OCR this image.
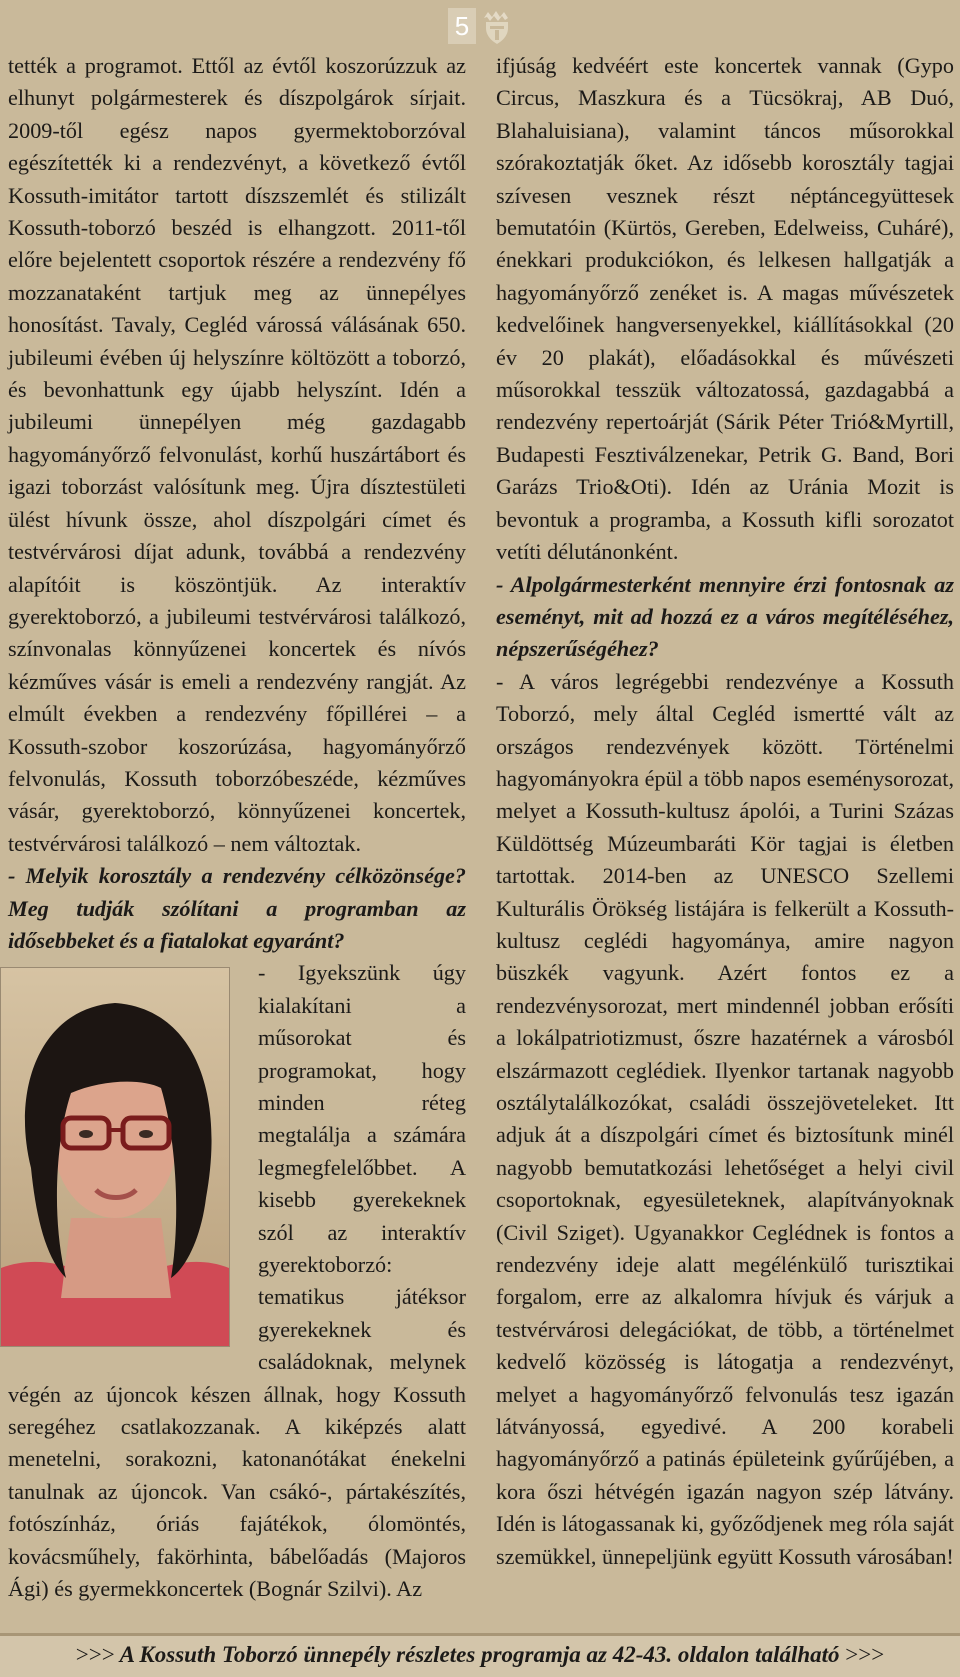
5

tették a programot. Ettől az évtől koszorúzzuk az elhunyt polgármesterek és díszpolgárok sírjait. 2009-től egész napos gyermektoborzóval egészítették ki a rendezvényt, a következő évtől Kossuth-imitátor tartott díszszemlét és stilizált Kossuth-toborzó beszéd is elhangzott. 2011-től előre bejelentett csoportok részére a rendezvény fő mozzanataként tartjuk meg az ünnepélyes honosítást. Tavaly, Cegléd várossá válásának 650. jubileumi évében új helyszínre költözött a toborzó, és bevonhattunk egy újabb helyszínt. Idén a jubileumi ünnepélyen még gazdagabb hagyományőrző felvonulást, korhű huszártábort és igazi toborzást valósítunk meg. Újra dísztestületi ülést hívunk össze, ahol díszpolgári címet és testvérvárosi díjat adunk, továbbá a rendezvény alapítóit is köszöntjük. Az interaktív gyerektoborzó, a jubileumi testvérvárosi találkozó, színvonalas könnyűzenei koncertek és nívós kézműves vásár is emeli a rendezvény rangját. Az elmúlt években a rendezvény főpillérei – a Kossuth-szobor koszorúzása, hagyományőrző felvonulás, Kossuth toborzóbeszéde, kézműves vásár, gyerektoborzó, könnyűzenei koncertek, testvérvárosi találkozó – nem változtak.

- Melyik korosztály a rendezvény célközönsége? Meg tudják szólítani a programban az idősebbeket és a fiatalokat egyaránt?

- Igyekszünk úgy kialakítani a műsorokat és programokat, hogy minden réteg megtalálja a számára legmegfelelőbbet. A kisebb gyerekeknek szól az interaktív gyerektoborzó: tematikus játéksor gyerekeknek és családoknak, melynek végén az újoncok készen állnak, hogy Kossuth seregéhez csatlakozzanak. A kiképzés alatt menetelni, sorakozni, katonanótákat énekelni tanulnak az újoncok. Van csákó-, pártakészítés, fotószínház, óriás fajátékok, ólomöntés, kovácsműhely, fakörhinta, bábelőadás (Majoros Ági) és gyermekkoncertek (Bognár Szilvi). Az

ifjúság kedvéért este koncertek vannak (Gypo Circus, Maszkura és a Tücsökraj, AB Duó, Blahaluisiana), valamint táncos műsorokkal szórakoztatják őket. Az idősebb korosztály tagjai szívesen vesznek részt néptáncegyüttesek bemutatóin (Kürtös, Gereben, Edelweiss, Cuháré), énekkari produkciókon, és lelkesen hallgatják a hagyományőrző zenéket is. A magas művészetek kedvelőinek hangversenyekkel, kiállításokkal (20 év 20 plakát), előadásokkal és művészeti műsorokkal tesszük változatossá, gazdagabbá a rendezvény repertoárját (Sárik Péter Trió&Myrtill, Budapesti Fesztiválzenekar, Petrik G. Band, Bori Garázs Trio&Oti). Idén az Uránia Mozit is bevontuk a programba, a Kossuth kifli sorozatot vetíti délutánonként.

- Alpolgármesterként mennyire érzi fontosnak az eseményt, mit ad hozzá ez a város megítéléséhez, népszerűségéhez?

- A város legrégebbi rendezvénye a Kossuth Toborzó, mely által Cegléd ismertté vált az országos rendezvények között. Történelmi hagyományokra épül a több napos eseménysorozat, melyet a Kossuth-kultusz ápolói, a Turini Százas Küldöttség Múzeumbaráti Kör tagjai is életben tartottak. 2014-ben az UNESCO Szellemi Kulturális Örökség listájára is felkerült a Kossuth-kultusz ceglédi hagyománya, amire nagyon büszkék vagyunk. Azért fontos ez a rendezvénysorozat, mert mindennél jobban erősíti a lokálpatriotizmust, őszre hazatérnek a városból elszármazott ceglédiek. Ilyenkor tartanak nagyobb osztálytalálkozókat, családi összejöveteleket. Itt adjuk át a díszpolgári címet és biztosítunk minél nagyobb bemutatkozási lehetőséget a helyi civil csoportoknak, egyesületeknek, alapítványoknak (Civil Sziget). Ugyanakkor Ceglédnek is fontos a rendezvény ideje alatt megélénkülő turisztikai forgalom, erre az alkalomra hívjuk és várjuk a testvérvárosi delegációkat, de több, a történelmet kedvelő közösség is látogatja a rendezvényt, melyet a hagyományőrző felvonulás tesz igazán látványossá, egyedivé. A 200 korabeli hagyományőrző a patinás épületeink gyűrűjében, a kora őszi hétvégén igazán nagyon szép látvány. Idén is látogassanak ki, győződjenek meg róla saját szemükkel, ünnepeljünk együtt Kossuth városában!

>>> A Kossuth Toborzó ünnepély részletes programja az 42-43. oldalon található >>>
